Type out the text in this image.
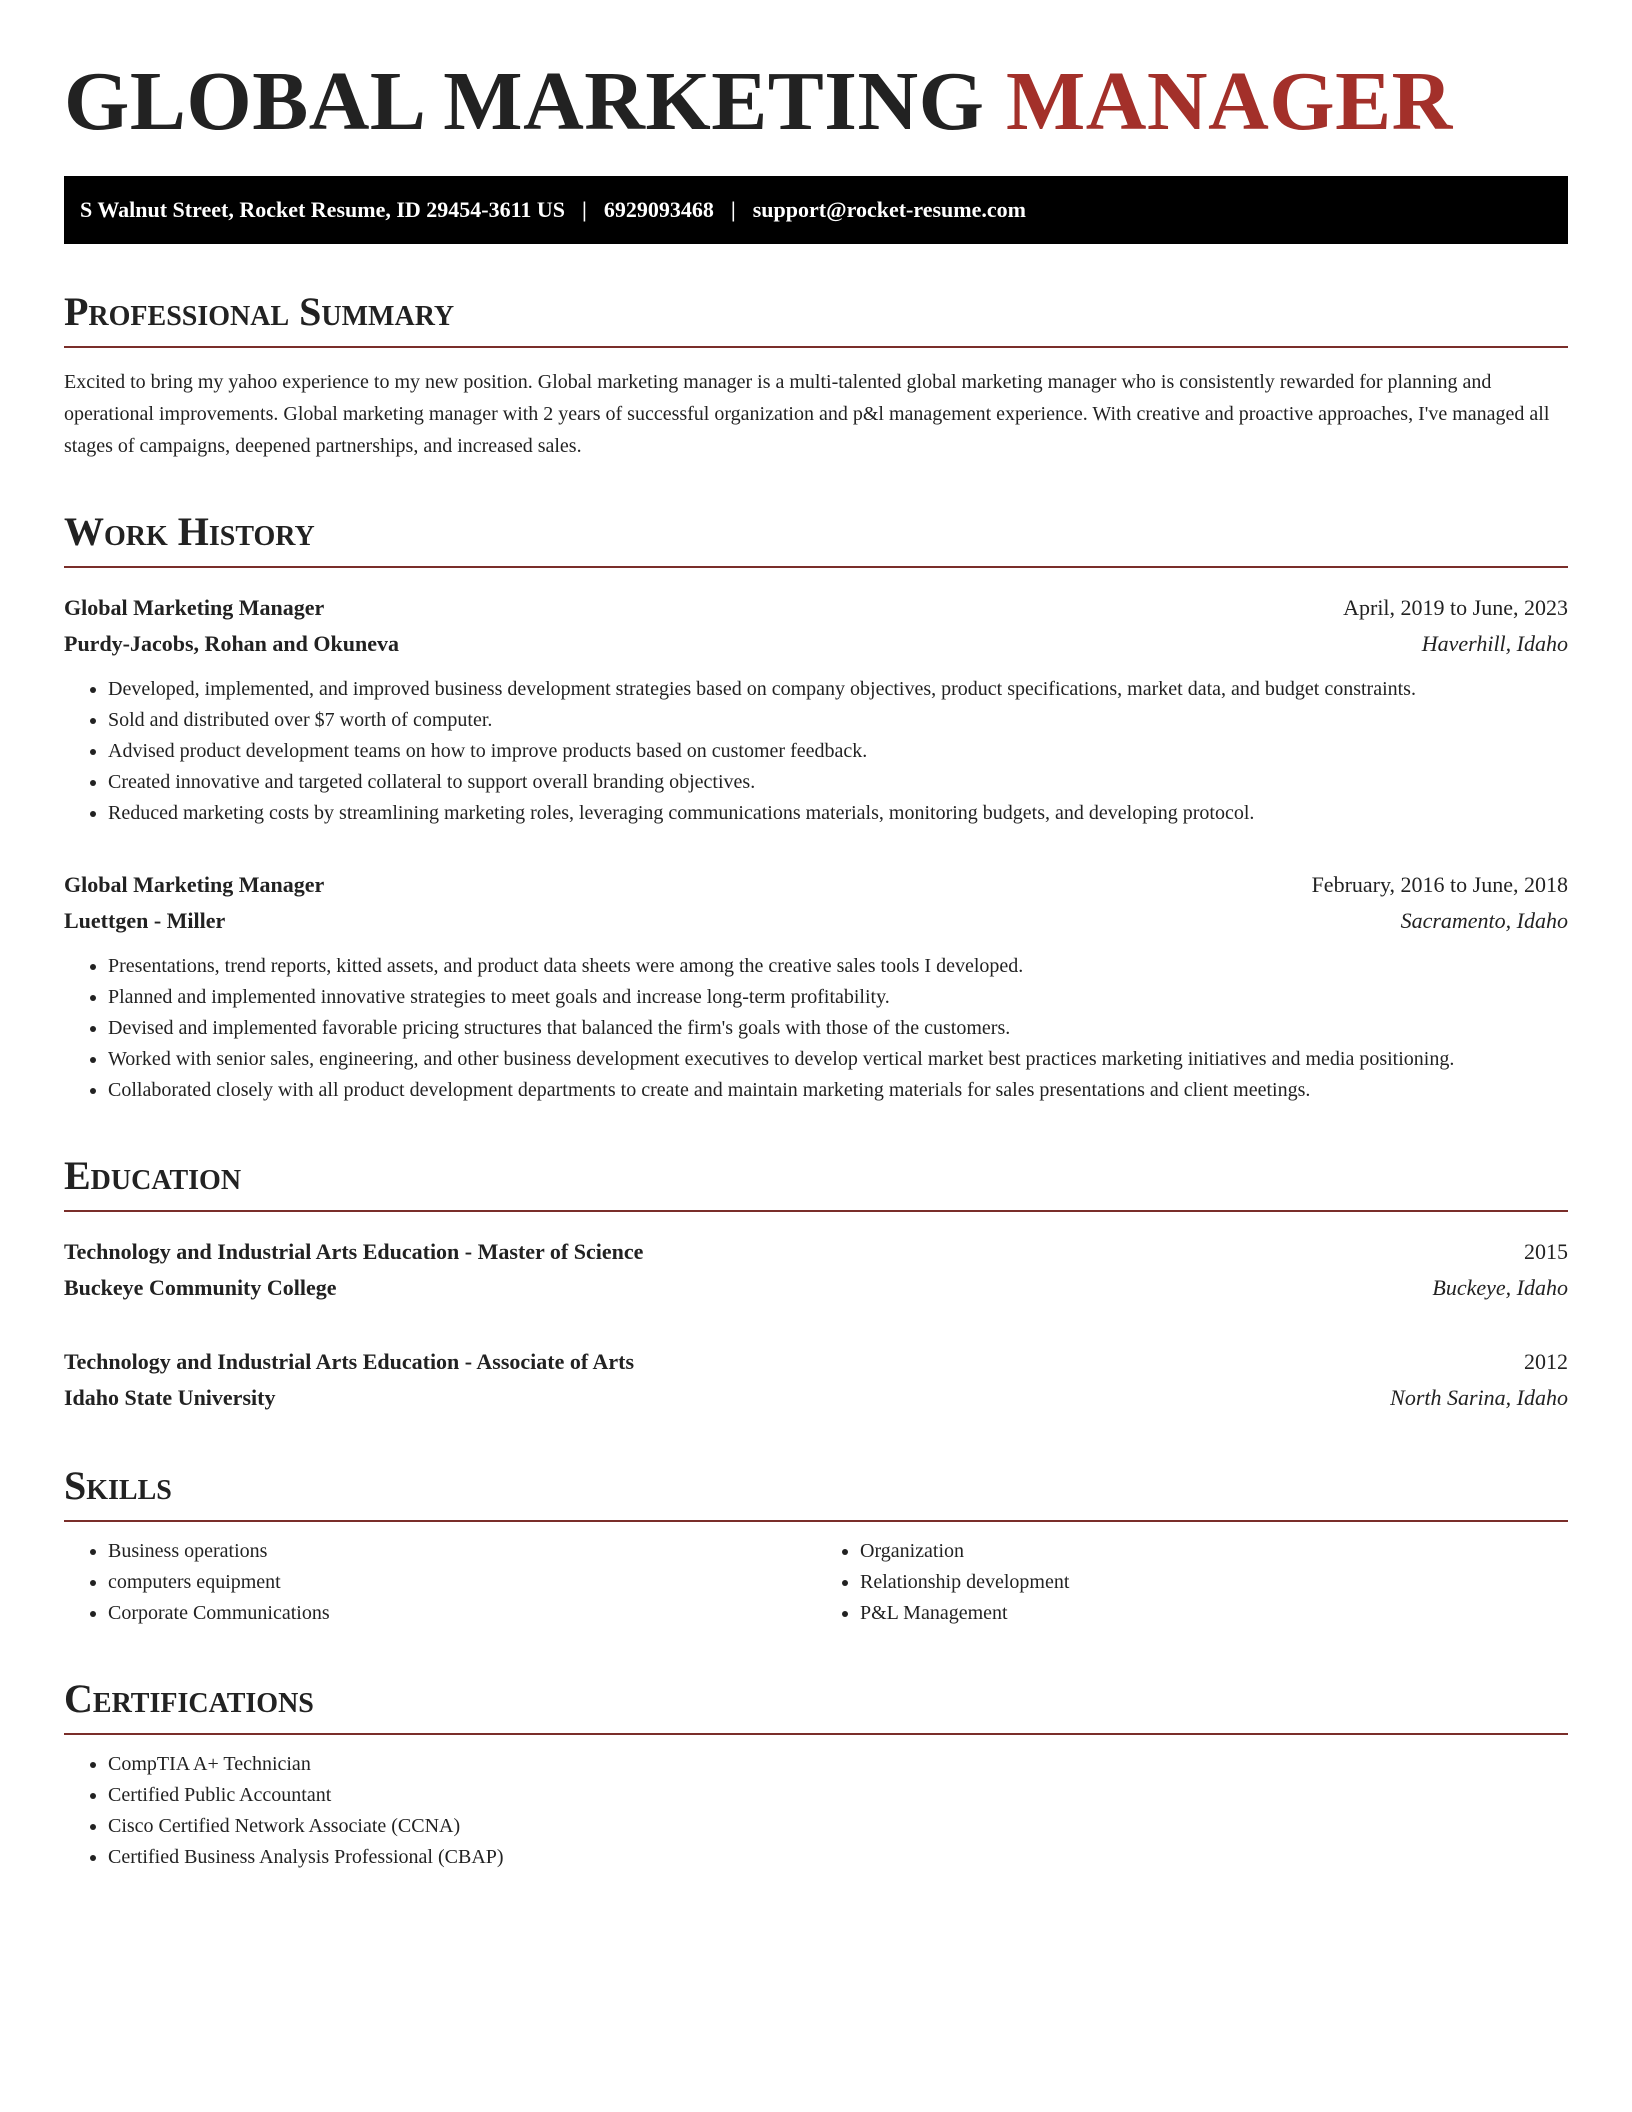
GLOBAL MARKETING MANAGER
S Walnut Street, Rocket Resume, ID 29454-3611 US | 6929093468 | support@rocket-resume.com
Professional Summary

Excited to bring my yahoo experience to my new position. Global marketing manager is a multi-talented global marketing manager who is consistently rewarded for planning and operational improvements. Global marketing manager with 2 years of successful organization and p&l management experience. With creative and proactive approaches, I've managed all stages of campaigns, deepened partnerships, and increased sales.

Work History
Global Marketing Manager	April, 2019 to June, 2023
Purdy-Jacobs, Rohan and Okuneva	Haverhill, Idaho
• Developed, implemented, and improved business development strategies based on company objectives, product specifications, market data, and budget constraints.
• Sold and distributed over $7 worth of computer.
• Advised product development teams on how to improve products based on customer feedback.
• Created innovative and targeted collateral to support overall branding objectives.
• Reduced marketing costs by streamlining marketing roles, leveraging communications materials, monitoring budgets, and developing protocol.
Global Marketing Manager	February, 2016 to June, 2018
Luettgen - Miller	Sacramento, Idaho
• Presentations, trend reports, kitted assets, and product data sheets were among the creative sales tools I developed.
• Planned and implemented innovative strategies to meet goals and increase long-term profitability.
• Devised and implemented favorable pricing structures that balanced the firm's goals with those of the customers.
• Worked with senior sales, engineering, and other business development executives to develop vertical market best practices marketing initiatives and media positioning.
• Collaborated closely with all product development departments to create and maintain marketing materials for sales presentations and client meetings.
Education
Technology and Industrial Arts Education - Master of Science	2015
Buckeye Community College	Buckeye, Idaho
Technology and Industrial Arts Education - Associate of Arts	2012
Idaho State University	North Sarina, Idaho
Skills
• Business operations
• computers equipment
• Corporate Communications
• Organization
• Relationship development
• P&L Management
Certifications
• CompTIA A+ Technician
• Certified Public Accountant
• Cisco Certified Network Associate (CCNA)
• Certified Business Analysis Professional (CBAP)
